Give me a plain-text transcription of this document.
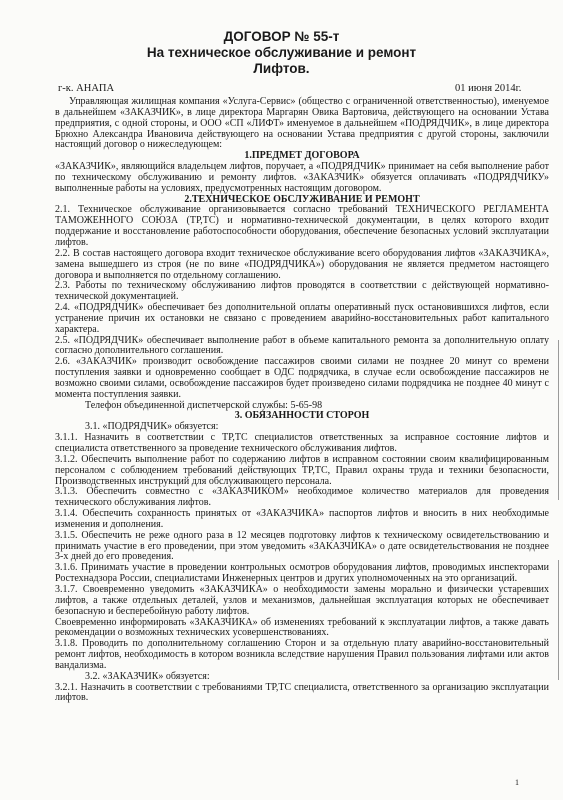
ДОГОВОР № 55-т
На техническое обслуживание и ремонт
Лифтов.
г-к. АНАПА	01 июня 2014г.

Управляющая жилищная компания «Услуга-Сервис» (общество с ограниченной ответственностью), именуемое в дальнейшем «ЗАКАЗЧИК», в лице директора Маргарян Овика Вартовича, действующего на основании Устава предприятия, с одной стороны, и ООО «СП «ЛИФТ» именуемое в дальнейшем «ПОДРЯДЧИК», в лице директора Брюхно Александра Ивановича действующего на основании Устава предприятия с другой стороны, заключили настоящий договор о нижеследующем:

1.ПРЕДМЕТ ДОГОВОРА

«ЗАКАЗЧИК», являющийся владельцем лифтов, поручает, а «ПОДРЯДЧИК» принимает на себя выполнение работ по техническому обслуживанию и ремонту лифтов. «ЗАКАЗЧИК» обязуется оплачивать «ПОДРЯДЧИКУ» выполненные работы на условиях, предусмотренных настоящим договором.

2.ТЕХНИЧЕСКОЕ ОБСЛУЖИВАНИЕ И РЕМОНТ

2.1. Техническое обслуживание организовывается согласно требований ТЕХНИЧЕСКОГО РЕГЛАМЕНТА ТАМОЖЕННОГО СОЮЗА (ТР,ТС) и нормативно-технической документации, в целях которого входит поддержание и восстановление работоспособности оборудования, обеспечение безопасных условий эксплуатации лифтов.

2.2. В состав настоящего договора входит техническое обслуживание всего оборудования лифтов «ЗАКАЗЧИКА», замена вышедшего из строя (не по вине «ПОДРЯДЧИКА») оборудования не является предметом настоящего договора и выполняется по отдельному соглашению.

2.3. Работы по техническому обслуживанию лифтов проводятся в соответствии с действующей нормативно-технической документацией.

2.4. «ПОДРЯДЧИК» обеспечивает без дополнительной оплаты оперативный пуск остановившихся лифтов, если устранение причин их остановки не связано с проведением аварийно-восстановительных работ капитального характера.

2.5. «ПОДРЯДЧИК» обеспечивает выполнение работ в объеме капитального ремонта за дополнительную оплату согласно дополнительного соглашения.

2.6. «ЗАКАЗЧИК» производит освобождение пассажиров своими силами не позднее 20 минут со времени поступления заявки и одновременно сообщает в ОДС подрядчика, в случае если освобождение пассажиров не возможно своими силами, освобождение пассажиров будет произведено силами подрядчика не позднее 40 минут с момента поступления заявки.

Телефон объединенной диспетчерской службы: 5-65-98

3. ОБЯЗАННОСТИ СТОРОН

3.1. «ПОДРЯДЧИК» обязуется:

3.1.1. Назначить в соответствии с ТР,ТС специалистов ответственных за исправное состояние лифтов и специалиста ответственного за проведение технического обслуживания лифтов.

3.1.2. Обеспечить выполнение работ по содержанию лифтов в исправном состоянии своим квалифицированным персоналом с соблюдением требований действующих ТР,ТС, Правил охраны труда и техники безопасности, Производственных инструкций для обслуживающего персонала.

3.1.3. Обеспечить совместно с «ЗАКАЗЧИКОМ» необходимое количество материалов для проведения технического обслуживания лифтов.

3.1.4. Обеспечить сохранность принятых от «ЗАКАЗЧИКА» паспортов лифтов и вносить в них необходимые изменения и дополнения.

3.1.5. Обеспечить не реже одного раза в 12 месяцев подготовку лифтов к техническому освидетельствованию и принимать участие в его проведении, при этом уведомить «ЗАКАЗЧИКА» о дате освидетельствования не позднее 3-х дней до его проведения.

3.1.6. Принимать участие в проведении контрольных осмотров оборудования лифтов, проводимых инспекторами Ростехнадзора России, специалистами Инженерных центров и других уполномоченных на это организаций.

3.1.7. Своевременно уведомить «ЗАКАЗЧИКА» о необходимости замены морально и физически устаревших лифтов, а также отдельных деталей, узлов и механизмов, дальнейшая эксплуатация которых не обеспечивает безопасную и бесперебойную работу лифтов.

Своевременно информировать «ЗАКАЗЧИКА» об изменениях требований к эксплуатации лифтов, а также давать рекомендации о возможных технических усовершенствованиях.

3.1.8. Проводить по дополнительному соглашению Сторон и за отдельную плату аварийно-восстановительный ремонт лифтов, необходимость в котором возникла вследствие нарушения Правил пользования лифтами или актов вандализма.

3.2. «ЗАКАЗЧИК» обязуется:

3.2.1. Назначить в соответствии с требованиями ТР,ТС специалиста, ответственного за организацию эксплуатации лифтов.

1
